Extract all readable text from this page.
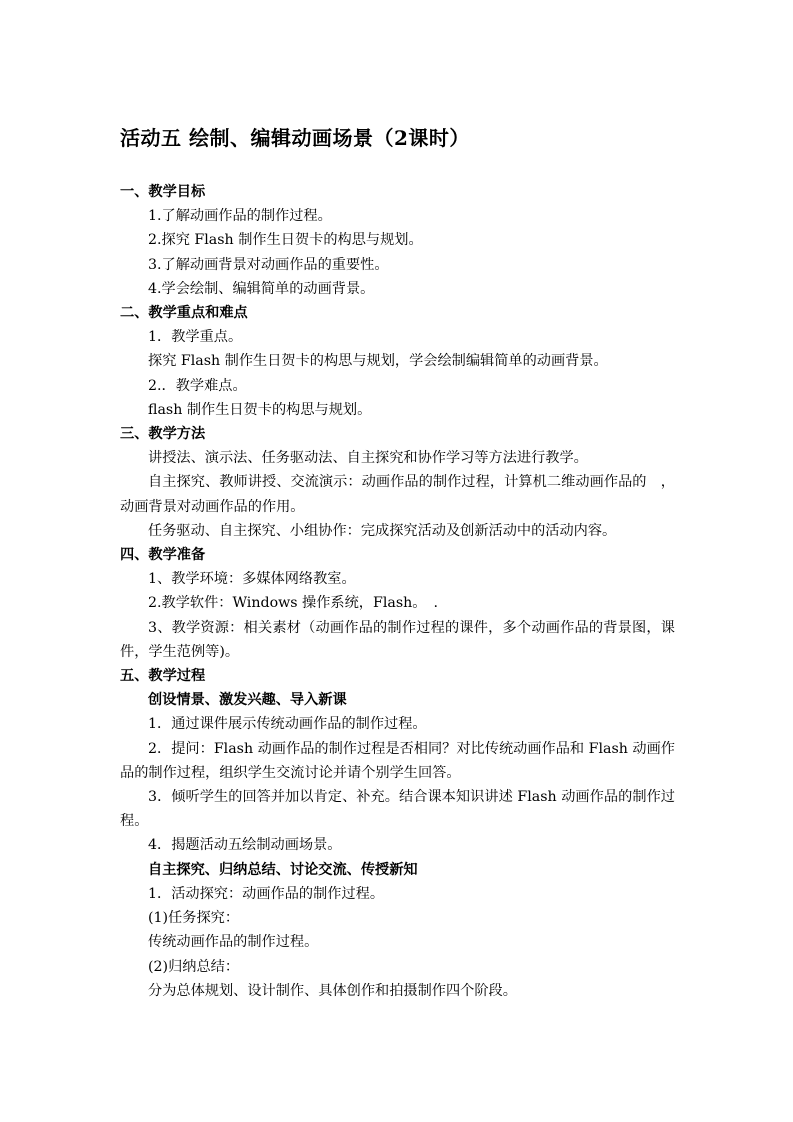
活动五 绘制、编辑动画场景（2课时）
一、教学目标
1.了解动画作品的制作过程。
2.探究 Flash 制作生日贺卡的构思与规划。
3.了解动画背景对动画作品的重要性。
4.学会绘制、编辑简单的动画背景。
二、教学重点和难点
1．教学重点。
探究 Flash 制作生日贺卡的构思与规划，学会绘制编辑简单的动画背景。
2.．教学难点。
flash 制作生日贺卡的构思与规划。
三、教学方法
讲授法、演示法、任务驱动法、自主探究和协作学习等方法进行教学。
自主探究、教师讲授、交流演示：动画作品的制作过程，计算机二维动画作品的　，动画背景对动画作品的作用。
任务驱动、自主探究、小组协作：完成探究活动及创新活动中的活动内容。
四、教学准备
1、教学环境：多媒体网络教室。
2.教学软件：Windows 操作系统，Flash。　.
3、教学资源：相关素材（动画作品的制作过程的课件，多个动画作品的背景图，课件，学生范例等)。
五、教学过程
创设情景、激发兴趣、导入新课
1．通过课件展示传统动画作品的制作过程。
2．提问：Flash 动画作品的制作过程是否相同？对比传统动画作品和 Flash 动画作品的制作过程，组织学生交流讨论并请个别学生回答。
3．倾听学生的回答并加以肯定、补充。结合课本知识讲述 Flash 动画作品的制作过程。
4．揭题活动五绘制动画场景。
自主探究、归纳总结、讨论交流、传授新知
1．活动探究：动画作品的制作过程。
(1)任务探究：
传统动画作品的制作过程。
(2)归纳总结：
分为总体规划、设计制作、具体创作和拍摄制作四个阶段。
